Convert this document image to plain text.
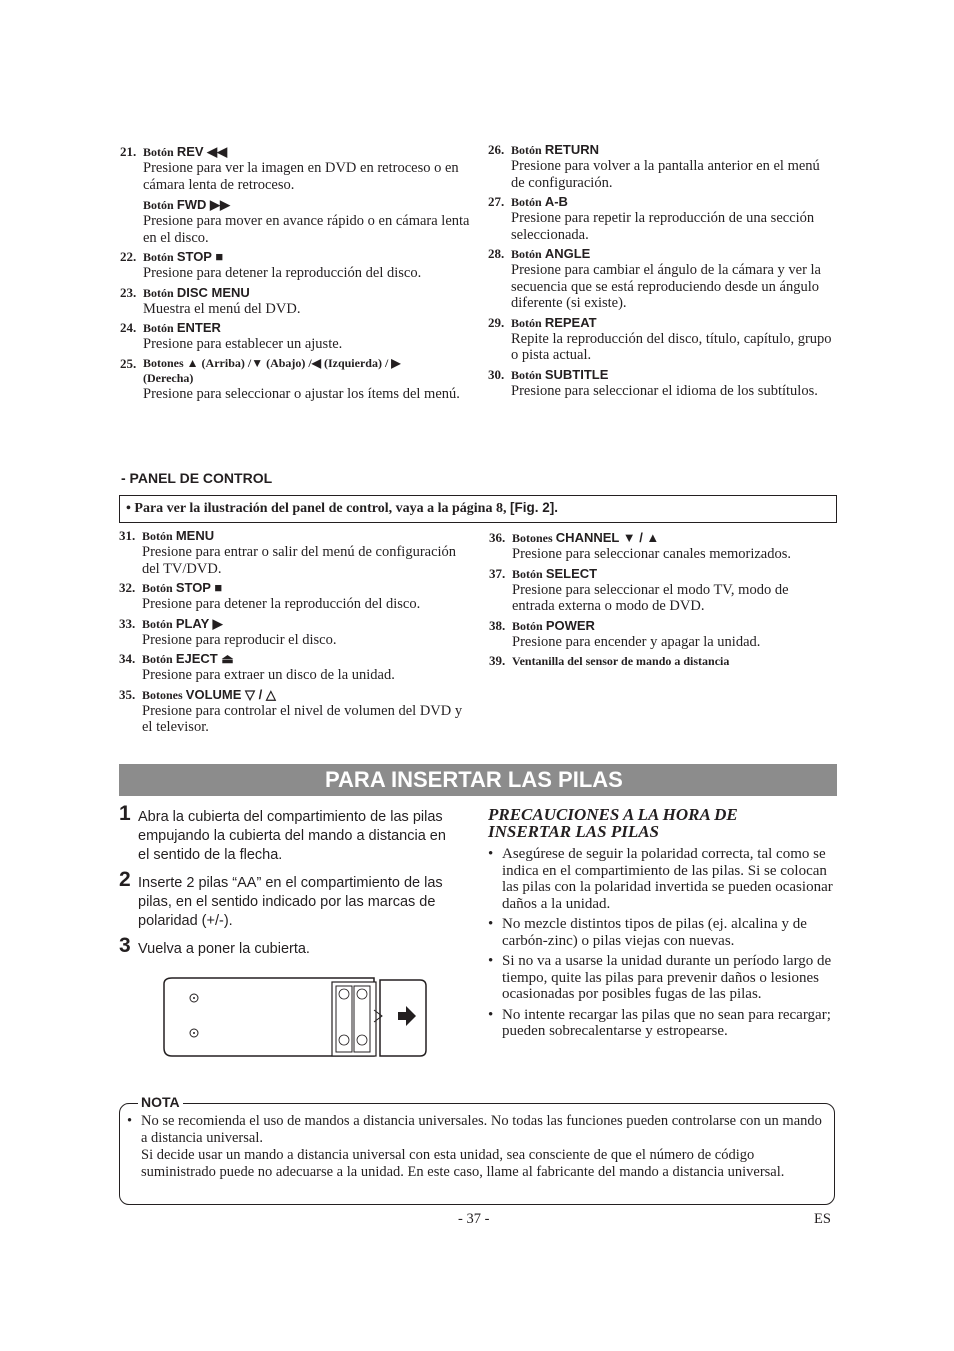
21. Botón REV ◀◀
Presione para ver la imagen en DVD en retroceso o en cámara lenta de retroceso.
Botón FWD ▶▶
Presione para mover en avance rápido o en cámara lenta en el disco.
22. Botón STOP ■
Presione para detener la reproducción del disco.
23. Botón DISC MENU
Muestra el menú del DVD.
24. Botón ENTER
Presione para establecer un ajuste.
25. Botones ▲ (Arriba) /▼ (Abajo) /◀ (Izquierda) / ▶ (Derecha)
Presione para seleccionar o ajustar los ítems del menú.
26. Botón RETURN
Presione para volver a la pantalla anterior en el menú de configuración.
27. Botón A-B
Presione para repetir la reproducción de una sección seleccionada.
28. Botón ANGLE
Presione para cambiar el ángulo de la cámara y ver la secuencia que se está reproduciendo desde un ángulo diferente (si existe).
29. Botón REPEAT
Repite la reproducción del disco, título, capítulo, grupo o pista actual.
30. Botón SUBTITLE
Presione para seleccionar el idioma de los subtítulos.
- PANEL DE CONTROL
• Para ver la ilustración del panel de control, vaya a la página 8, [Fig. 2].
31. Botón MENU
Presione para entrar o salir del menú de configuración del TV/DVD.
32. Botón STOP ■
Presione para detener la reproducción del disco.
33. Botón PLAY ▶
Presione para reproducir el disco.
34. Botón EJECT ⏏
Presione para extraer un disco de la unidad.
35. Botones VOLUME ▽ / △
Presione para controlar el nivel de volumen del DVD y el televisor.
36. Botones CHANNEL ▼ / ▲
Presione para seleccionar canales memorizados.
37. Botón SELECT
Presione para seleccionar el modo TV, modo de entrada externa o modo de DVD.
38. Botón POWER
Presione para encender y apagar la unidad.
39. Ventanilla del sensor de mando a distancia
PARA INSERTAR LAS PILAS
1 Abra la cubierta del compartimiento de las pilas empujando la cubierta del mando a distancia en el sentido de la flecha.
2 Inserte 2 pilas “AA” en el compartimiento de las pilas, en el sentido indicado por las marcas de polaridad (+/-).
3 Vuelva a poner la cubierta.
PRECAUCIONES A LA HORA DE
INSERTAR LAS PILAS
• Asegúrese de seguir la polaridad correcta, tal como se indica en el compartimiento de las pilas. Si se colocan las pilas con la polaridad invertida se pueden ocasionar daños a la unidad.
• No mezcle distintos tipos de pilas (ej. alcalina y de carbón-zinc) o pilas viejas con nuevas.
• Si no va a usarse la unidad durante un período largo de tiempo, quite las pilas para prevenir daños o lesiones ocasionadas por posibles fugas de las pilas.
• No intente recargar las pilas que no sean para recargar; pueden sobrecalentarse y estropearse.
NOTA
• No se recomienda el uso de mandos a distancia universales. No todas las funciones pueden controlarse con un mando a distancia universal.
Si decide usar un mando a distancia universal con esta unidad, sea consciente de que el número de código suministrado puede no adecuarse a la unidad. En este caso, llame al fabricante del mando a distancia universal.
- 37 -	ES
